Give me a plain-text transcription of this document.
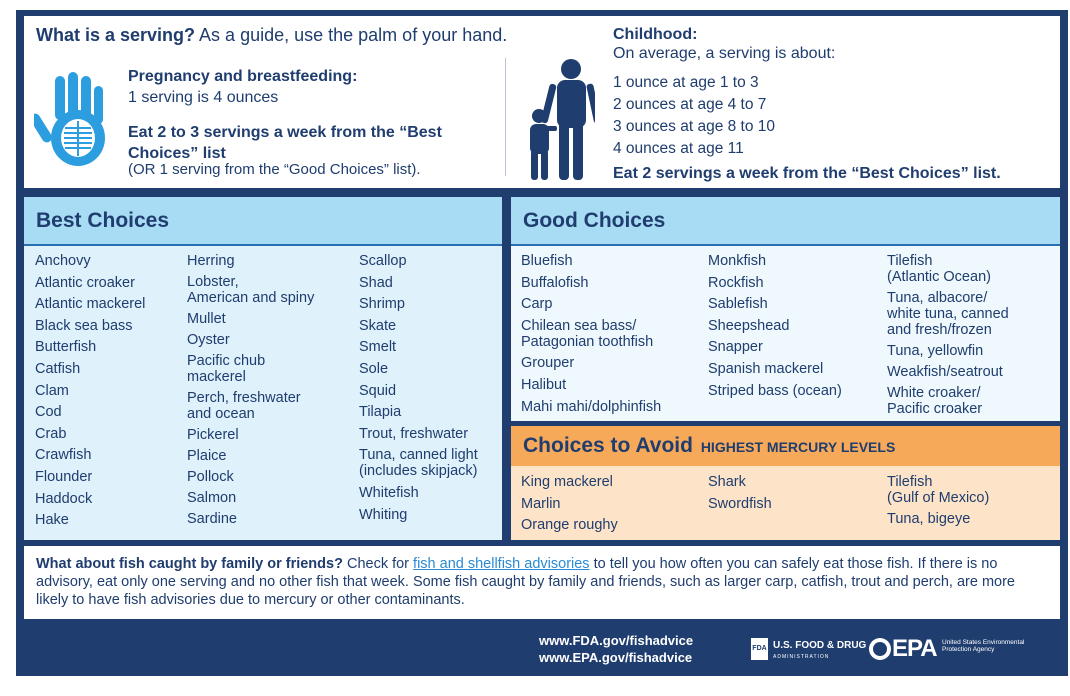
What is a serving? As a guide, use the palm of your hand.
Pregnancy and breastfeeding:
1 serving is 4 ounces
Eat 2 to 3 servings a week from the “Best Choices” list
(OR 1 serving from the “Good Choices” list).
Childhood:
On average, a serving is about:
1 ounce at age 1 to 3
2 ounces at age 4 to 7
3 ounces at age 8 to 10
4 ounces at age 11
Eat 2 servings a week from the “Best Choices” list.
Best Choices
Anchovy
Atlantic croaker
Atlantic mackerel
Black sea bass
Butterfish
Catfish
Clam
Cod
Crab
Crawfish
Flounder
Haddock
Hake
Herring
Lobster,
American and spiny
Mullet
Oyster
Pacific chub
mackerel
Perch, freshwater
and ocean
Pickerel
Plaice
Pollock
Salmon
Sardine
Scallop
Shad
Shrimp
Skate
Smelt
Sole
Squid
Tilapia
Trout, freshwater
Tuna, canned light
(includes skipjack)
Whitefish
Whiting
Good Choices
Bluefish
Buffalofish
Carp
Chilean sea bass/
Patagonian toothfish
Grouper
Halibut
Mahi mahi/dolphinfish
Monkfish
Rockfish
Sablefish
Sheepshead
Snapper
Spanish mackerel
Striped bass (ocean)
Tilefish
(Atlantic Ocean)
Tuna, albacore/
white tuna, canned
and fresh/frozen
Tuna, yellowfin
Weakfish/seatrout
White croaker/
Pacific croaker
Choices to Avoid HIGHEST MERCURY LEVELS
King mackerel
Marlin
Orange roughy
Shark
Swordfish
Tilefish
(Gulf of Mexico)
Tuna, bigeye

What about fish caught by family or friends? Check for fish and shellfish advisories to tell you how often you can safely eat those fish. If there is no advisory, eat only one serving and no other fish that week. Some fish caught by family and friends, such as larger carp, catfish, trout and perch, are more likely to have fish advisories due to mercury or other contaminants.

www.FDA.gov/fishadvice
www.EPA.gov/fishadvice
FDA U.S. FOOD & DRUG
ADMINISTRATION	EPA United States Environmental Protection Agency
